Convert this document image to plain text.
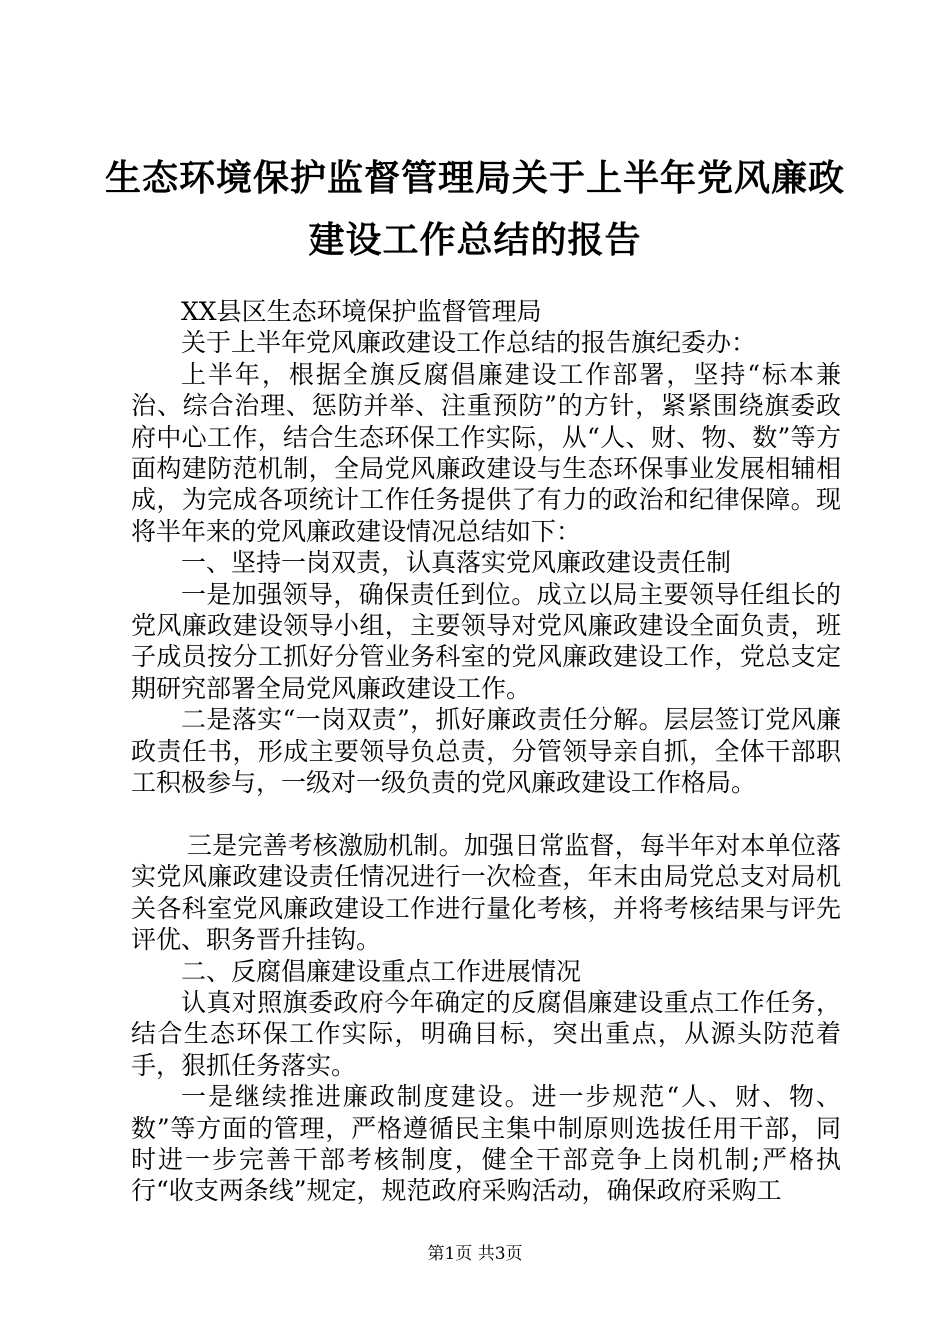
生态环境保护监督管理局关于上半年党风廉政
建设工作总结的报告

XX县区生态环境保护监督管理局

关于上半年党风廉政建设工作总结的报告旗纪委办：

上半年，根据全旗反腐倡廉建设工作部署，坚持“标本兼治、综合治理、惩防并举、注重预防”的方针，紧紧围绕旗委政府中心工作，结合生态环保工作实际，从“人、财、物、数”等方面构建防范机制，全局党风廉政建设与生态环保事业发展相辅相成，为完成各项统计工作任务提供了有力的政治和纪律保障。现将半年来的党风廉政建设情况总结如下：

一、坚持一岗双责，认真落实党风廉政建设责任制

一是加强领导，确保责任到位。成立以局主要领导任组长的党风廉政建设领导小组，主要领导对党风廉政建设全面负责，班子成员按分工抓好分管业务科室的党风廉政建设工作，党总支定期研究部署全局党风廉政建设工作。

二是落实“一岗双责”，抓好廉政责任分解。层层签订党风廉政责任书，形成主要领导负总责，分管领导亲自抓，全体干部职工积极参与，一级对一级负责的党风廉政建设工作格局。

三是完善考核激励机制。加强日常监督，每半年对本单位落实党风廉政建设责任情况进行一次检查，年末由局党总支对局机关各科室党风廉政建设工作进行量化考核，并将考核结果与评先评优、职务晋升挂钩。

二、反腐倡廉建设重点工作进展情况

认真对照旗委政府今年确定的反腐倡廉建设重点工作任务，结合生态环保工作实际，明确目标，突出重点，从源头防范着手，狠抓任务落实。

一是继续推进廉政制度建设。进一步规范“人、财、物、数”等方面的管理，严格遵循民主集中制原则选拔任用干部，同时进一步完善干部考核制度，健全干部竞争上岗机制;严格执行“收支两条线”规定，规范政府采购活动，确保政府采购工

第1页 共3页
